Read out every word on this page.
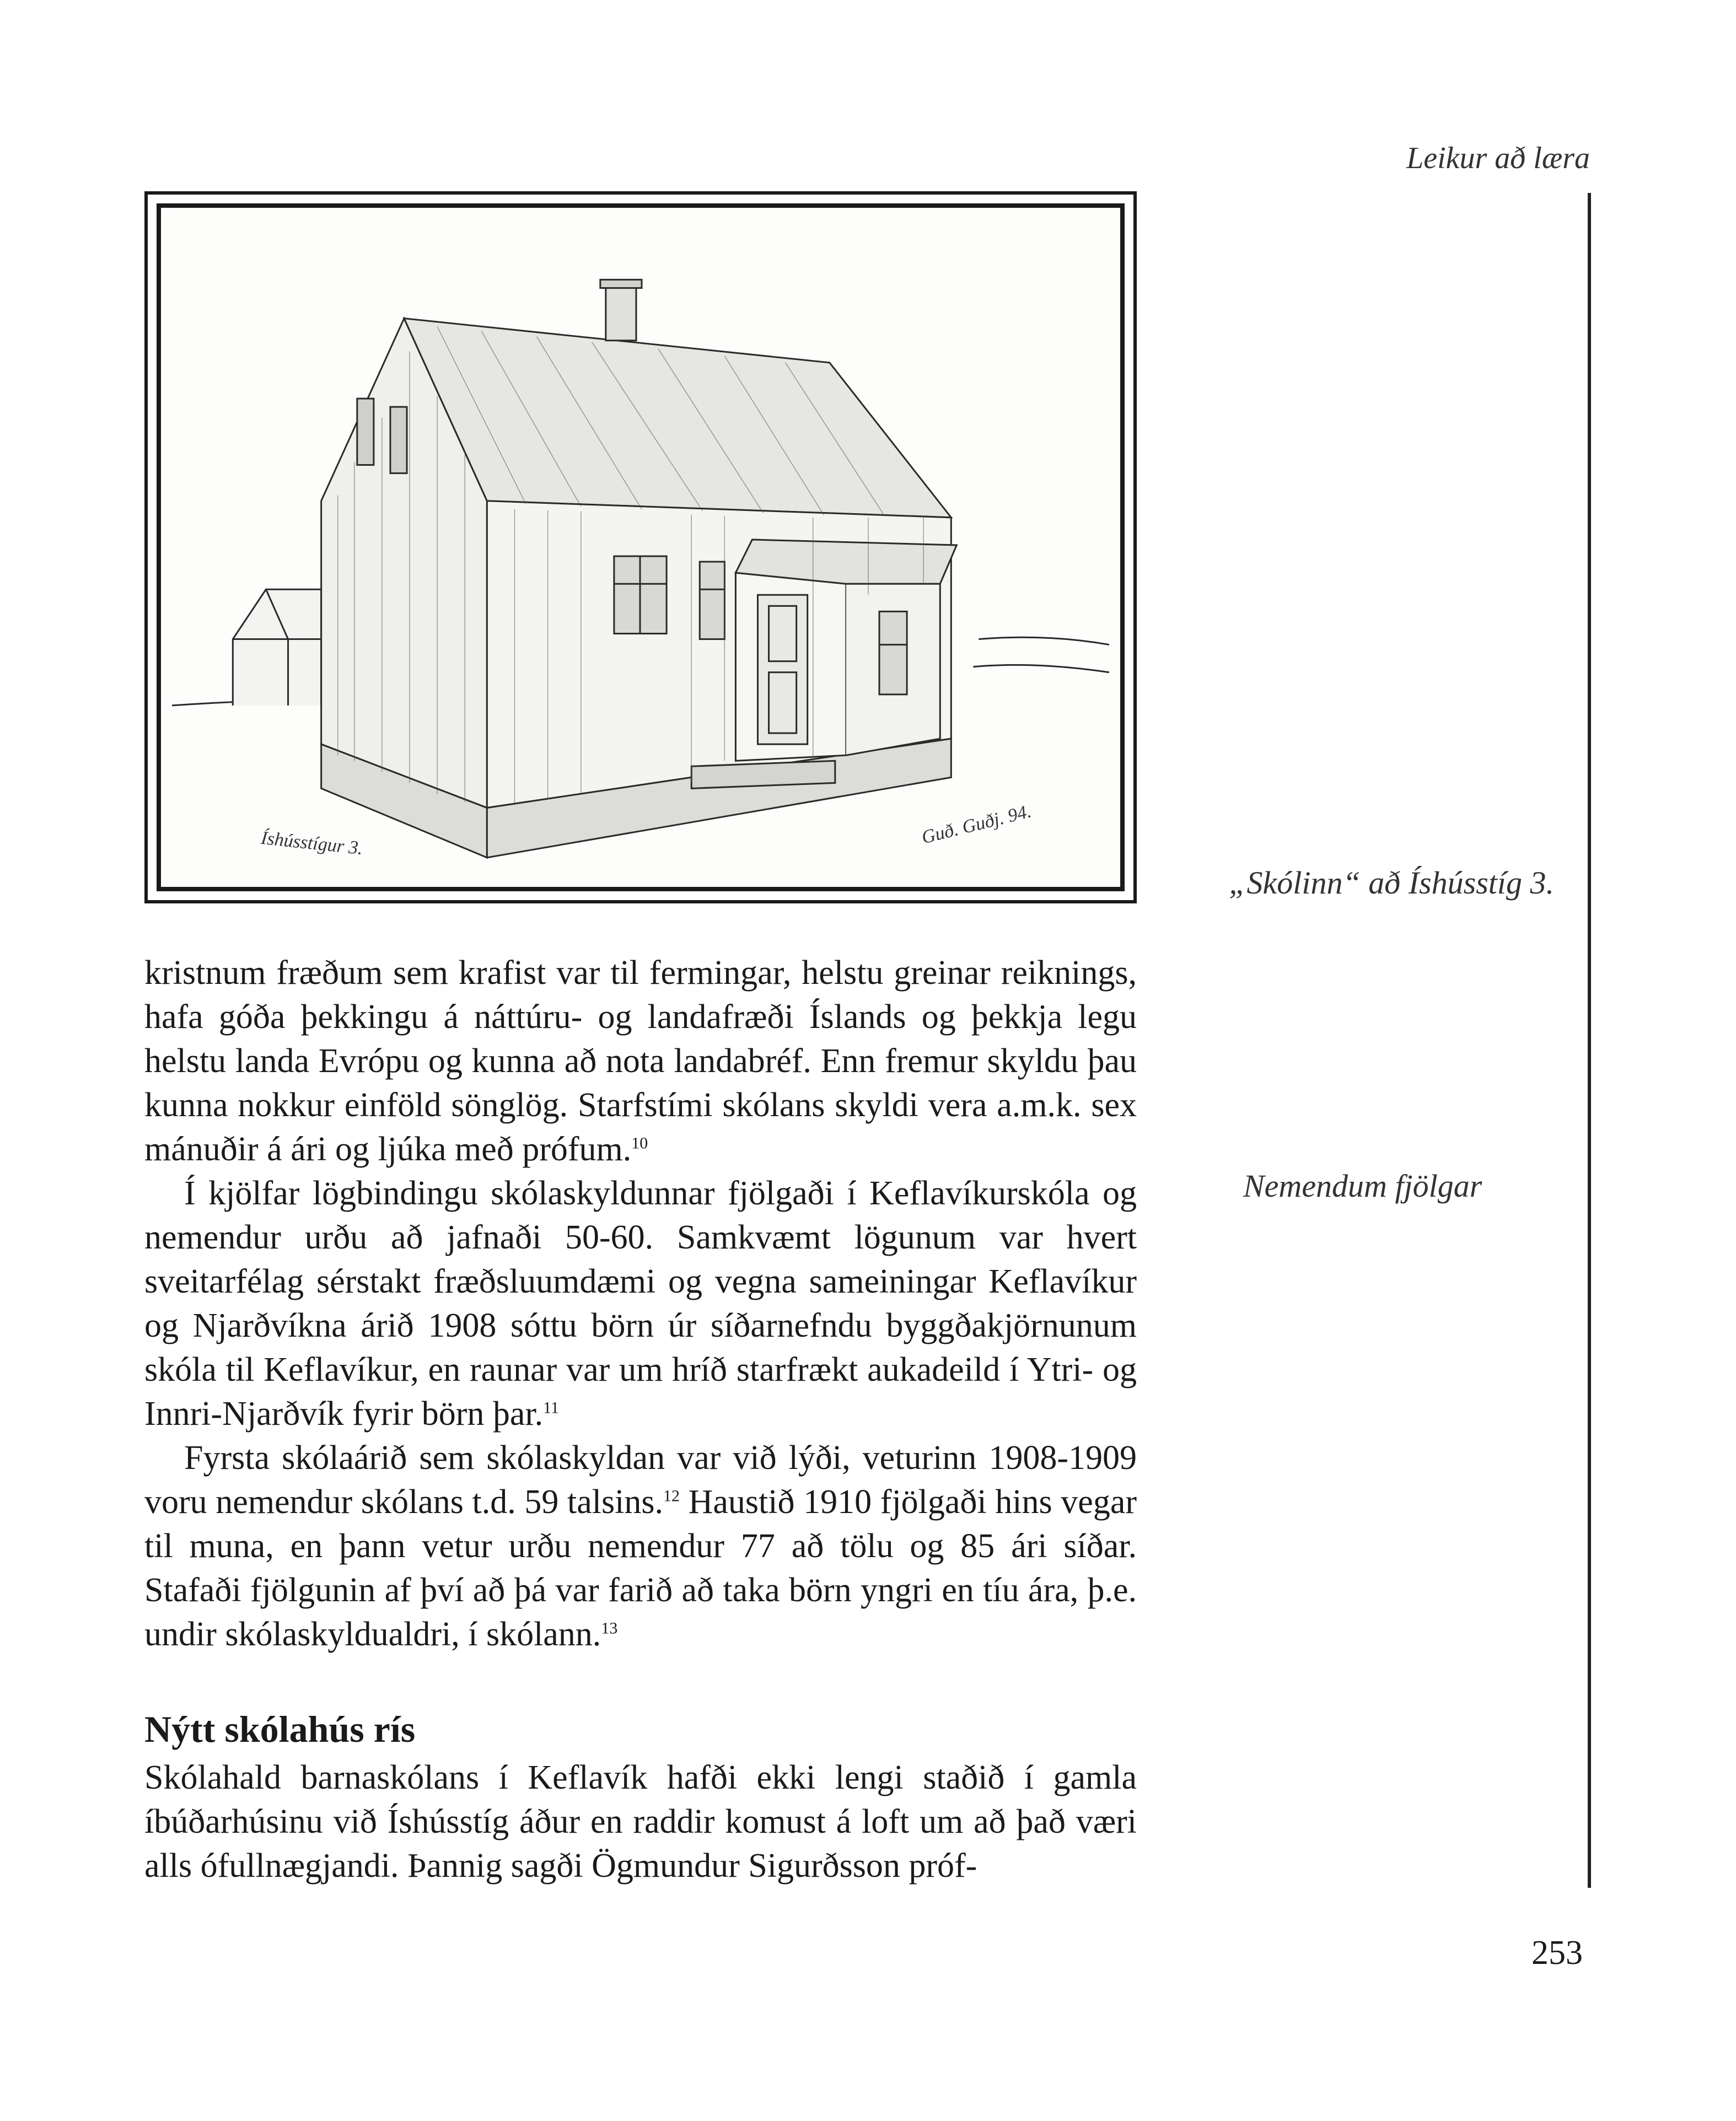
Leikur að læra
Íshússtígur 3.	Guð. Guðj. 94.
„Skólinn“ að Íshússtíg 3.

kristnum fræðum sem krafist var til fermingar, helstu greinar reiknings, hafa góða þekkingu á náttúru- og landafræði Íslands og þekkja legu helstu landa Evrópu og kunna að nota landabréf. Enn fremur skyldu þau kunna nokkur einföld sönglög. Starfstími skólans skyldi vera a.m.k. sex mánuðir á ári og ljúka með prófum.$^{10}$

Í kjölfar lögbindingu skólaskyldunnar fjölgaði í Keflavíkurskóla og nemendur urðu að jafnaði 50-60. Samkvæmt lögunum var hvert sveitarfélag sérstakt fræðsluumdæmi og vegna sameiningar Keflavíkur og Njarðvíkna árið 1908 sóttu börn úr síðarnefndu byggðakjörnunum skóla til Keflavíkur, en raunar var um hríð starfrækt aukadeild í Ytri- og Innri-Njarðvík fyrir börn þar.$^{11}$

Fyrsta skólaárið sem skólaskyldan var við lýði, veturinn 1908-1909 voru nemendur skólans t.d. 59 talsins.$^{12}$ Haustið 1910 fjölgaði hins vegar til muna, en þann vetur urðu nemendur 77 að tölu og 85 ári síðar. Stafaði fjölgunin af því að þá var farið að taka börn yngri en tíu ára, þ.e. undir skólaskyldualdri, í skólann.$^{13}$

Nemendum fjölgar
Nýtt skólahús rís

Skólahald barnaskólans í Keflavík hafði ekki lengi staðið í gamla íbúðarhúsinu við Íshússtíg áður en raddir komust á loft um að það væri alls ófullnægjandi. Þannig sagði Ögmundur Sigurðsson próf-

253
